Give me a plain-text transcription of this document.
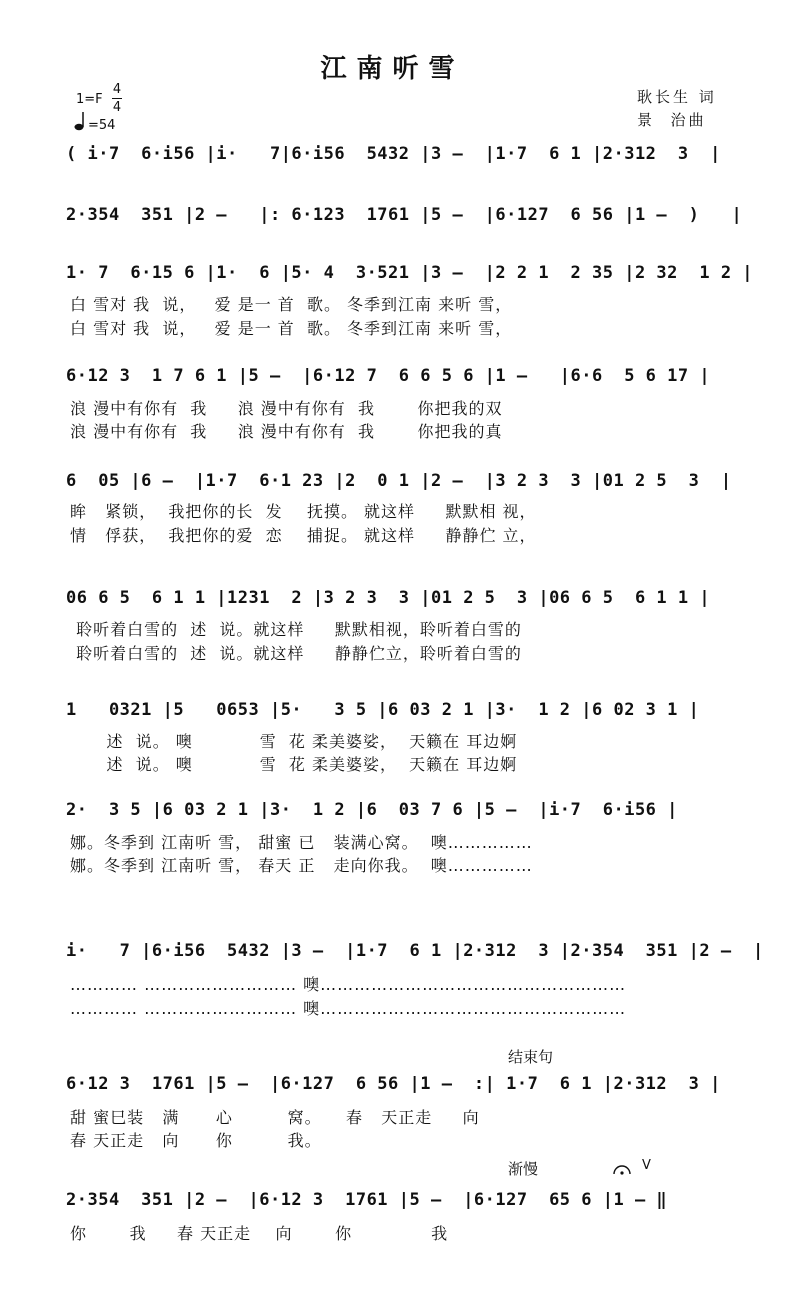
江南听雪
1=F
4
4
=54
耿长生 词
景  治曲
( i·7  6·i56 |i·   7|6·i56  5432 |3 –  |1·7  6 1 |2·312  3  |
2·354  351 |2 –   |: 6·123  1761 |5 –  |6·127  6 56 |1 –  )   |
1· 7  6·15 6 |1·  6 |5· 4  3·521 |3 –  |2 2 1  2 35 |2 32  1 2 |
白 雪对 我  说，   爱 是一 首  歌。 冬季到江南 来听 雪，
白 雪对 我  说，   爱 是一 首  歌。 冬季到江南 来听 雪，
6·12 3  1 7 6 1 |5 –  |6·12 7  6 6 5 6 |1 –   |6·6  5 6 17 |
浪 漫中有你有  我     浪 漫中有你有  我       你把我的双
浪 漫中有你有  我     浪 漫中有你有  我       你把我的真
6  05 |6 –  |1·7  6·1 23 |2  0 1 |2 –  |3 2 3  3 |01 2 5  3  |
眸   紧锁，  我把你的长  发    抚摸。 就这样     默默相 视，
情   俘获，  我把你的爱  恋    捕捉。 就这样     静静伫 立，
06 6 5  6 1 1 |1231  2 |3 2 3  3 |01 2 5  3 |06 6 5  6 1 1 |
聆听着白雪的  述  说。就这样     默默相视，聆听着白雪的
聆听着白雪的  述  说。就这样     静静伫立，聆听着白雪的
1   0321 |5   0653 |5·   3 5 |6 03 2 1 |3·  1 2 |6 02 3 1 |
述  说。 噢           雪  花 柔美婆娑，  天籁在 耳边婀
述  说。 噢           雪  花 柔美婆娑，  天籁在 耳边婀
2·  3 5 |6 03 2 1 |3·  1 2 |6  03 7 6 |5 –  |i·7  6·i56 |
娜。冬季到 江南听 雪， 甜蜜 已   装满心窝。  噢……………
娜。冬季到 江南听 雪， 春天 正   走向你我。  噢……………
i·   7 |6·i56  5432 |3 –  |1·7  6 1 |2·312  3 |2·354  351 |2 –  |
………… ……………………… 噢………………………………………………
………… ……………………… 噢………………………………………………
结束句
6·12 3  1761 |5 –  |6·127  6 56 |1 –  :| 1·7  6 1 |2·312  3 |
甜 蜜巳装   满      心         窝。    春   天正走     向
春 天正走   向      你         我。
渐慢	V
2·354  351 |2 –  |6·12 3  1761 |5 –  |6·127  65 6 |1 – ‖
你       我     春 天正走    向       你             我
